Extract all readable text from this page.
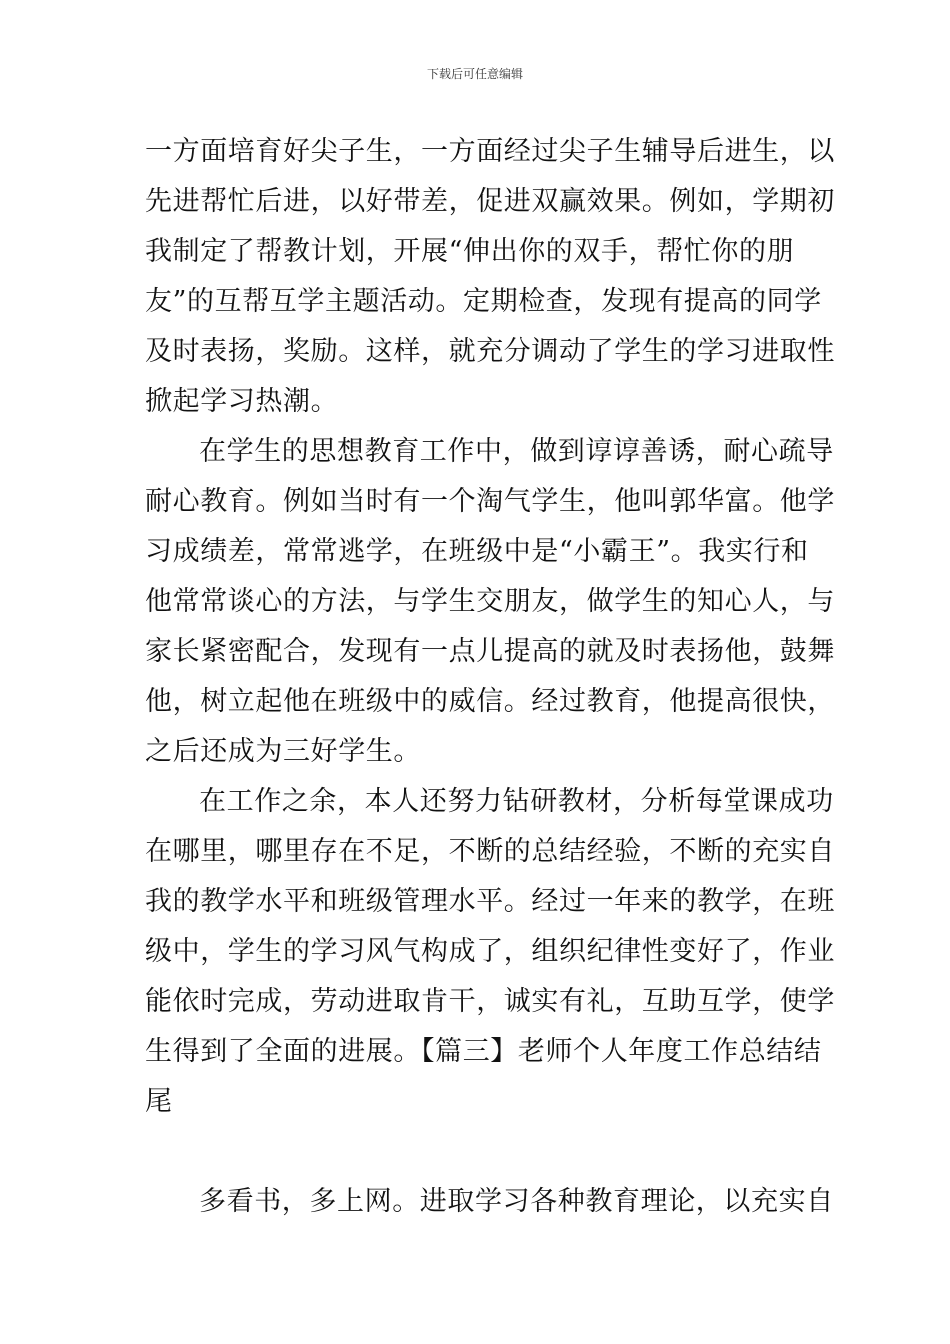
下载后可任意编辑
一方面培育好尖子生，一方面经过尖子生辅导后进生，以
先进帮忙后进，以好带差，促进双赢效果。例如，学期初
我制定了帮教计划，开展“伸出你的双手，帮忙你的朋
友”的互帮互学主题活动。定期检查，发现有提高的同学
及时表扬，奖励。这样，就充分调动了学生的学习进取性
掀起学习热潮。
在学生的思想教育工作中，做到谆谆善诱，耐心疏导
耐心教育。例如当时有一个淘气学生，他叫郭华富。他学
习成绩差，常常逃学，在班级中是“小霸王”。我实行和
他常常谈心的方法，与学生交朋友，做学生的知心人，与
家长紧密配合，发现有一点儿提高的就及时表扬他，鼓舞
他，树立起他在班级中的威信。经过教育，他提高很快，
之后还成为三好学生。
在工作之余，本人还努力钻研教材，分析每堂课成功
在哪里，哪里存在不足，不断的总结经验，不断的充实自
我的教学水平和班级管理水平。经过一年来的教学，在班
级中，学生的学习风气构成了，组织纪律性变好了，作业
能依时完成，劳动进取肯干，诚实有礼，互助互学，使学
生得到了全面的进展。【篇三】老师个人年度工作总结结
尾
多看书，多上网。进取学习各种教育理论，以充实自
